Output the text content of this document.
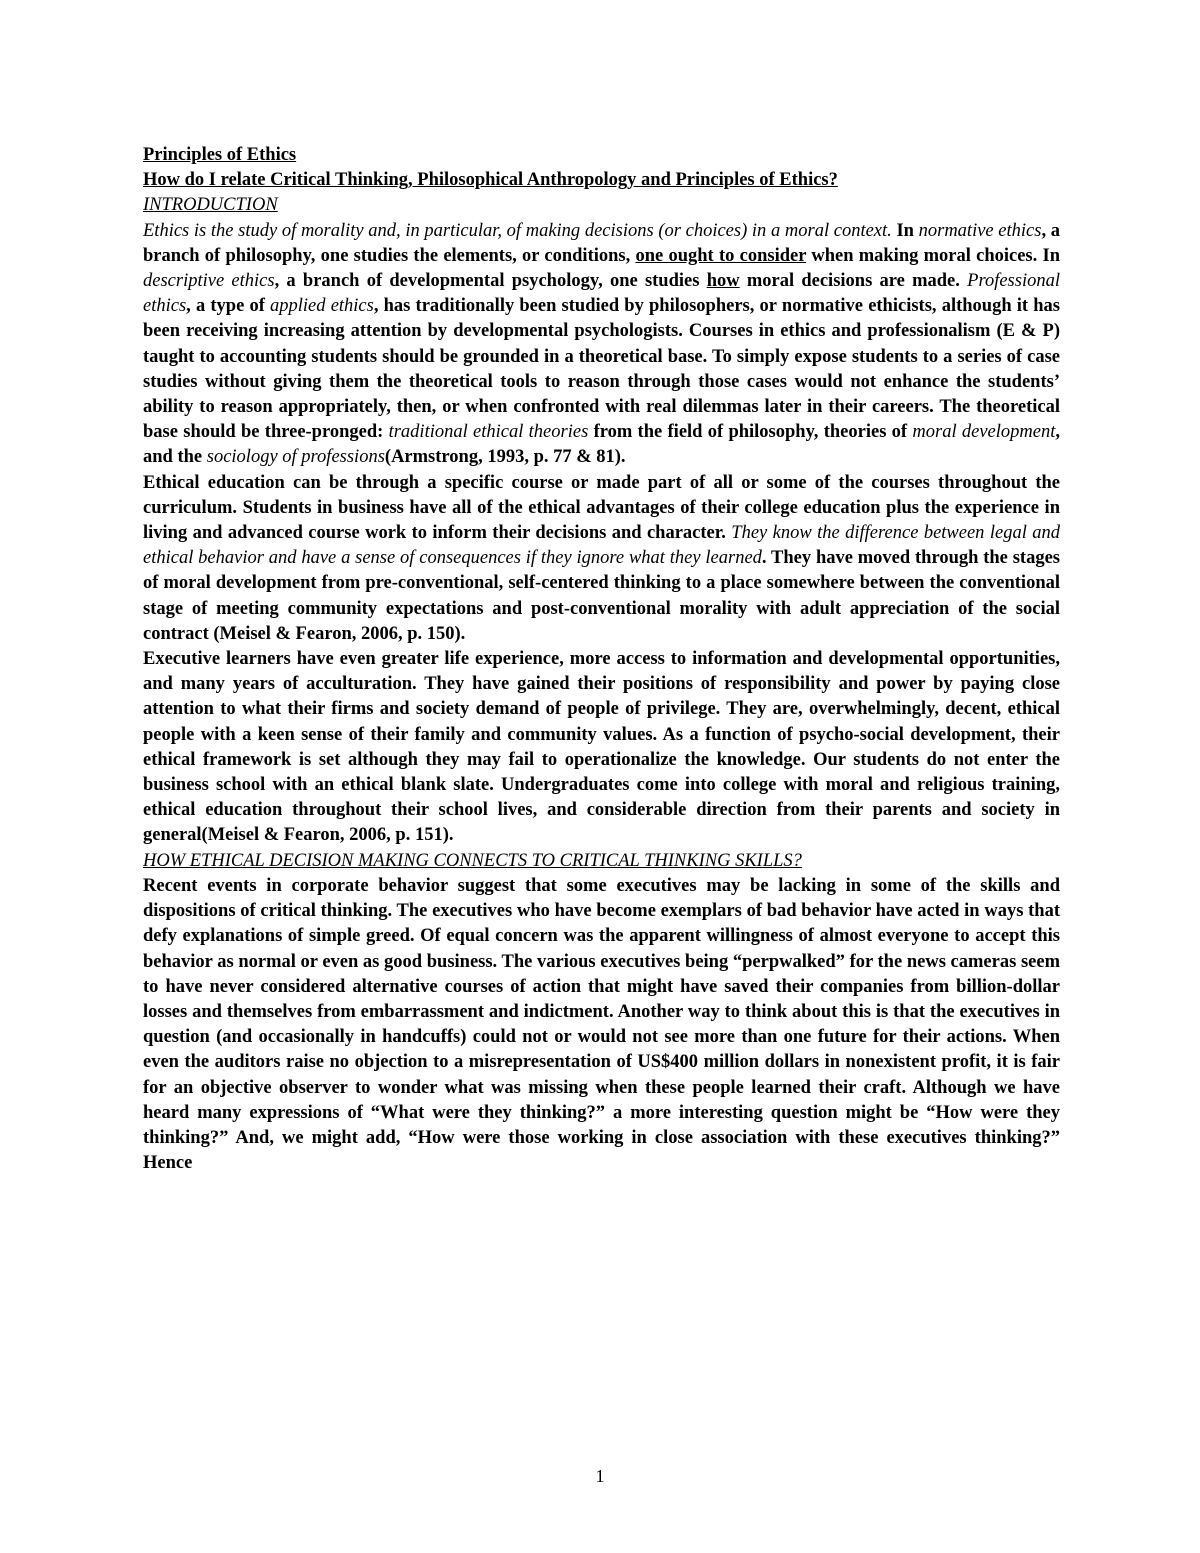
Principles of Ethics

How do I relate Critical Thinking, Philosophical Anthropology and Principles of Ethics?

INTRODUCTION

Ethics is the study of morality and, in particular, of making decisions (or choices) in a moral context. In normative ethics, a branch of philosophy, one studies the elements, or conditions, one ought to consider when making moral choices. In descriptive ethics, a branch of developmental psychology, one studies how moral decisions are made. Professional ethics, a type of applied ethics, has traditionally been studied by philosophers, or normative ethicists, although it has been receiving increasing attention by developmental psychologists. Courses in ethics and professionalism (E & P) taught to accounting students should be grounded in a theoretical base. To simply expose students to a series of case studies without giving them the theoretical tools to reason through those cases would not enhance the students’ ability to reason appropriately, then, or when confronted with real dilemmas later in their careers. The theoretical base should be three-pronged: traditional ethical theories from the field of philosophy, theories of moral development, and the sociology of professions(Armstrong, 1993, p. 77 & 81).

Ethical education can be through a specific course or made part of all or some of the courses throughout the curriculum. Students in business have all of the ethical advantages of their college education plus the experience in living and advanced course work to inform their decisions and character. They know the difference between legal and ethical behavior and have a sense of consequences if they ignore what they learned. They have moved through the stages of moral development from pre-conventional, self-centered thinking to a place somewhere between the conventional stage of meeting community expectations and post-conventional morality with adult appreciation of the social contract (Meisel & Fearon, 2006, p. 150).

Executive learners have even greater life experience, more access to information and developmental opportunities, and many years of acculturation. They have gained their positions of responsibility and power by paying close attention to what their firms and society demand of people of privilege. They are, overwhelmingly, decent, ethical people with a keen sense of their family and community values. As a function of psycho-social development, their ethical framework is set although they may fail to operationalize the knowledge. Our students do not enter the business school with an ethical blank slate. Undergraduates come into college with moral and religious training, ethical education throughout their school lives, and considerable direction from their parents and society in general(Meisel & Fearon, 2006, p. 151).

HOW ETHICAL DECISION MAKING CONNECTS TO CRITICAL THINKING SKILLS?

Recent events in corporate behavior suggest that some executives may be lacking in some of the skills and dispositions of critical thinking. The executives who have become exemplars of bad behavior have acted in ways that defy explanations of simple greed. Of equal concern was the apparent willingness of almost everyone to accept this behavior as normal or even as good business. The various executives being “perpwalked” for the news cameras seem to have never considered alternative courses of action that might have saved their companies from billion-dollar losses and themselves from embarrassment and indictment. Another way to think about this is that the executives in question (and occasionally in handcuffs) could not or would not see more than one future for their actions. When even the auditors raise no objection to a misrepresentation of US$400 million dollars in nonexistent profit, it is fair for an objective observer to wonder what was missing when these people learned their craft. Although we have heard many expressions of “What were they thinking?” a more interesting question might be “How were they thinking?” And, we might add, “How were those working in close association with these executives thinking?” Hence

1
